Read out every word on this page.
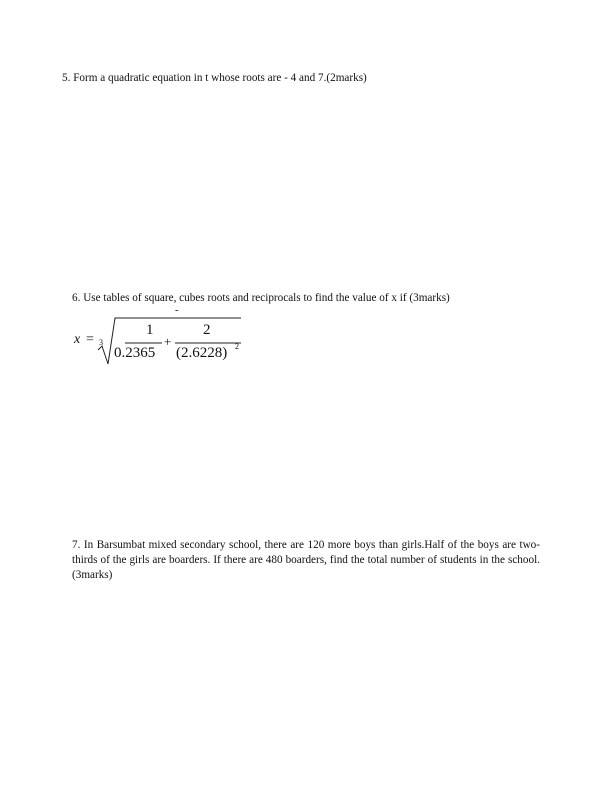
5. Form a quadratic equation in t whose roots are - 4 and 7.(2marks)
6. Use tables of square, cubes roots and reciprocals to find the value of x if (3marks)
x = 3
-
1
0.2365
+
2
(2.6228) 2
7. In Barsumbat mixed secondary school, there are 120 more boys than girls.Half of the boys are two-thirds of the girls are boarders. If there are 480 boarders, find the total number of students in the school.(3marks)
